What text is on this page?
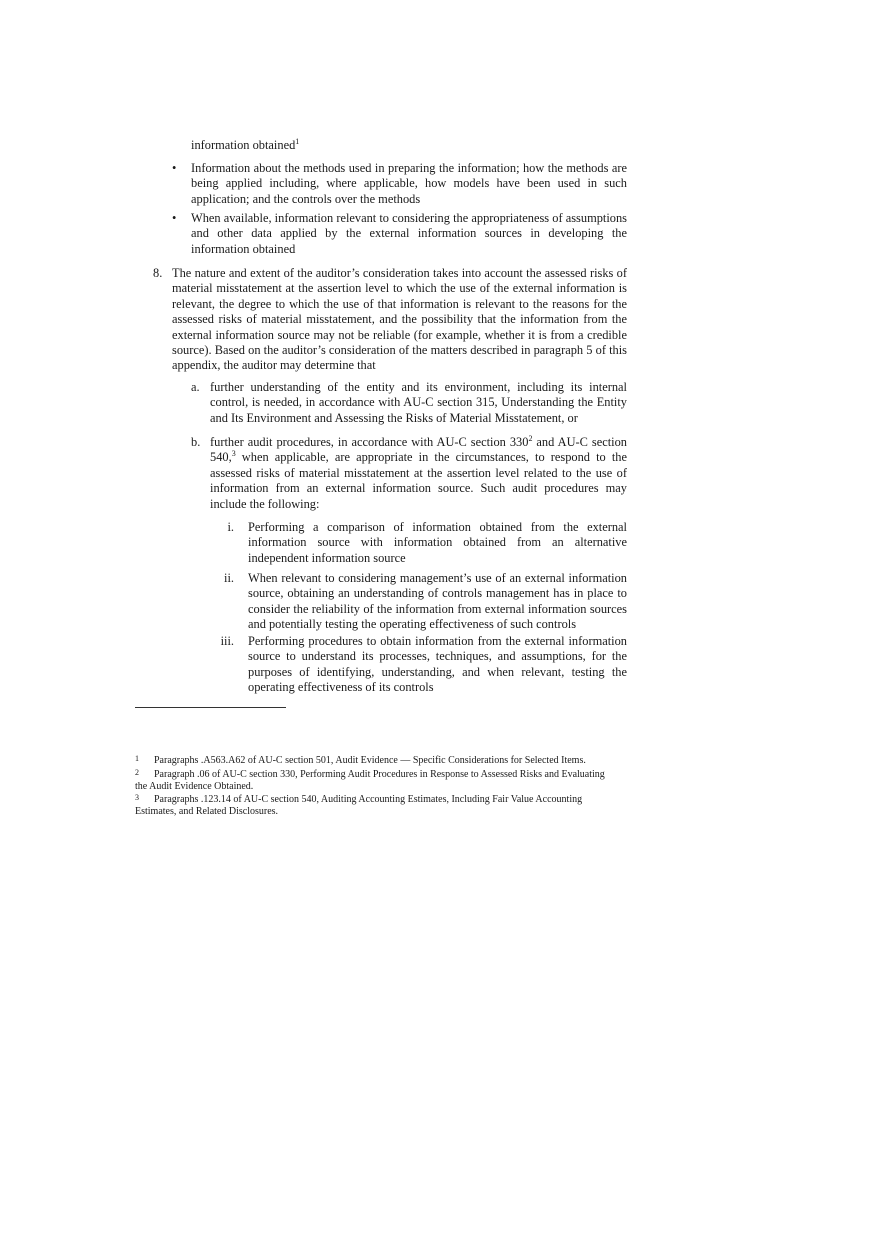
information obtained$^1$
•	Information about the methods used in preparing the information; how the methods are being applied including, where applicable, how models have been used in such application; and the controls over the methods
•	When available, information relevant to considering the appropriateness of assumptions and other data applied by the external information sources in developing the information obtained
8. The nature and extent of the auditor’s consideration takes into account the assessed risks of material misstatement at the assertion level to which the use of the external information is relevant, the degree to which the use of that information is relevant to the reasons for the assessed risks of material misstatement, and the possibility that the information from the external information source may not be reliable (for example, whether it is from a credible source). Based on the auditor’s consideration of the matters described in paragraph 5 of this appendix, the auditor may determine that
a. further understanding of the entity and its environment, including its internal control, is needed, in accordance with AU-C section 315, Understanding the Entity and Its Environment and Assessing the Risks of Material Misstatement, or
b. further audit procedures, in accordance with AU-C section $330^2$ and AU-C section 540,$^3$ when applicable, are appropriate in the circumstances, to respond to the assessed risks of material misstatement at the assertion level related to the use of information from an external information source. Such audit procedures may include the following:
i. Performing a comparison of information obtained from the external information source with information obtained from an alternative independent information source
ii. When relevant to considering management’s use of an external information source, obtaining an understanding of controls management has in place to consider the reliability of the information from external information sources and potentially testing the operating effectiveness of such controls
iii. Performing procedures to obtain information from the external information source to understand its processes, techniques, and assumptions, for the purposes of identifying, understanding, and when relevant, testing the operating effectiveness of its controls
1 Paragraphs .A563.A62 of AU-C section 501, Audit Evidence — Specific Considerations for Selected Items.
2 Paragraph .06 of AU-C section 330, Performing Audit Procedures in Response to Assessed Risks and Evaluating the Audit Evidence Obtained.
3 Paragraphs .123.14 of AU-C section 540, Auditing Accounting Estimates, Including Fair Value Accounting Estimates, and Related Disclosures.
